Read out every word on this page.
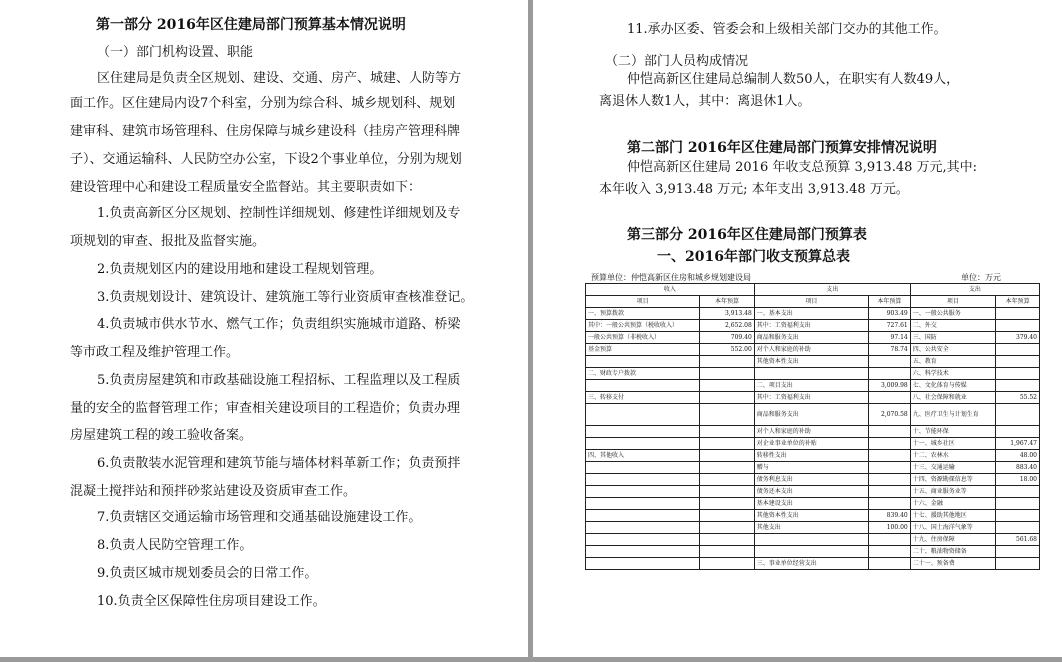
第一部分 2016年区住建局部门预算基本情况说明
（一）部门机构设置、职能
区住建局是负责全区规划、建设、交通、房产、城建、人防等方
面工作。区住建局内设7个科室，分别为综合科、城乡规划科、规划
建审科、建筑市场管理科、住房保障与城乡建设科（挂房产管理科牌
子）、交通运输科、人民防空办公室，下设2个事业单位，分别为规划
建设管理中心和建设工程质量安全监督站。其主要职责如下：
1.负责高新区分区规划、控制性详细规划、修建性详细规划及专
项规划的审查、报批及监督实施。
2.负责规划区内的建设用地和建设工程规划管理。
3.负责规划设计、建筑设计、建筑施工等行业资质审查核准登记。
4.负责城市供水节水、燃气工作；负责组织实施城市道路、桥梁
等市政工程及维护管理工作。
5.负责房屋建筑和市政基础设施工程招标、工程监理以及工程质
量的安全的监督管理工作；审查相关建设项目的工程造价；负责办理
房屋建筑工程的竣工验收备案。
6.负责散装水泥管理和建筑节能与墙体材料革新工作；负责预拌
混凝土搅拌站和预拌砂浆站建设及资质审查工作。
7.负责辖区交通运输市场管理和交通基础设施建设工作。
8.负责人民防空管理工作。
9.负责区城市规划委员会的日常工作。
10.负责全区保障性住房项目建设工作。
11.承办区委、管委会和上级相关部门交办的其他工作。
（二）部门人员构成情况
仲恺高新区住建局总编制人数50人，在职实有人数49人，
离退休人数1人，其中：离退休1人。
第二部门 2016年区住建局部门预算安排情况说明
仲恺高新区住建局 2016 年收支总预算 3,913.48 万元,其中:
本年收入 3,913.48 万元; 本年支出 3,913.48 万元。
第三部分 2016年区住建局部门预算表
一、2016年部门收支预算总表
预算单位：仲恺高新区住房和城乡规划建设局	单位：万元
收入		支出		支出	
项目	本年预算	项目	本年预算	项目	本年预算
一、预算拨款	3,913.48	一、基本支出	903.49	一、一般公共服务	
其中：一般公共预算（税收收入）	2,652.08	其中：工资福利支出	727.61	二、外交	
一般公共预算（非税收入）	709.40	商品和服务支出	97.14	三、国防	379.40
基金预算	552.00	对个人和家庭的补助	78.74	四、公共安全	
		其他资本性支出		五、教育	
二、财政专户拨款				六、科学技术	
		二、项目支出	3,009.98	七、文化体育与传媒	
三、转移支付		其中：工资福利支出		八、社会保障和就业	55.52
		商品和服务支出	2,070.58	九、医疗卫生与计划生育	
		对个人和家庭的补助		十、节能环保	
		对企业事业单位的补贴		十一、城乡社区	1,967.47
四、其他收入		转移性支出		十二、农林水	48.00
		赠与		十三、交通运输	883.40
		债务利息支出		十四、资源勘探信息等	18.00
		债务还本支出		十五、商业服务业等	
		基本建设支出		十六、金融	
		其他资本性支出	839.40	十七、援助其他地区	
		其他支出	100.00	十八、国土海洋气象等	
				十九、住房保障	561.68
				二十、粮油物资储备	
		三、事业单位经营支出		二十一、预备费	
